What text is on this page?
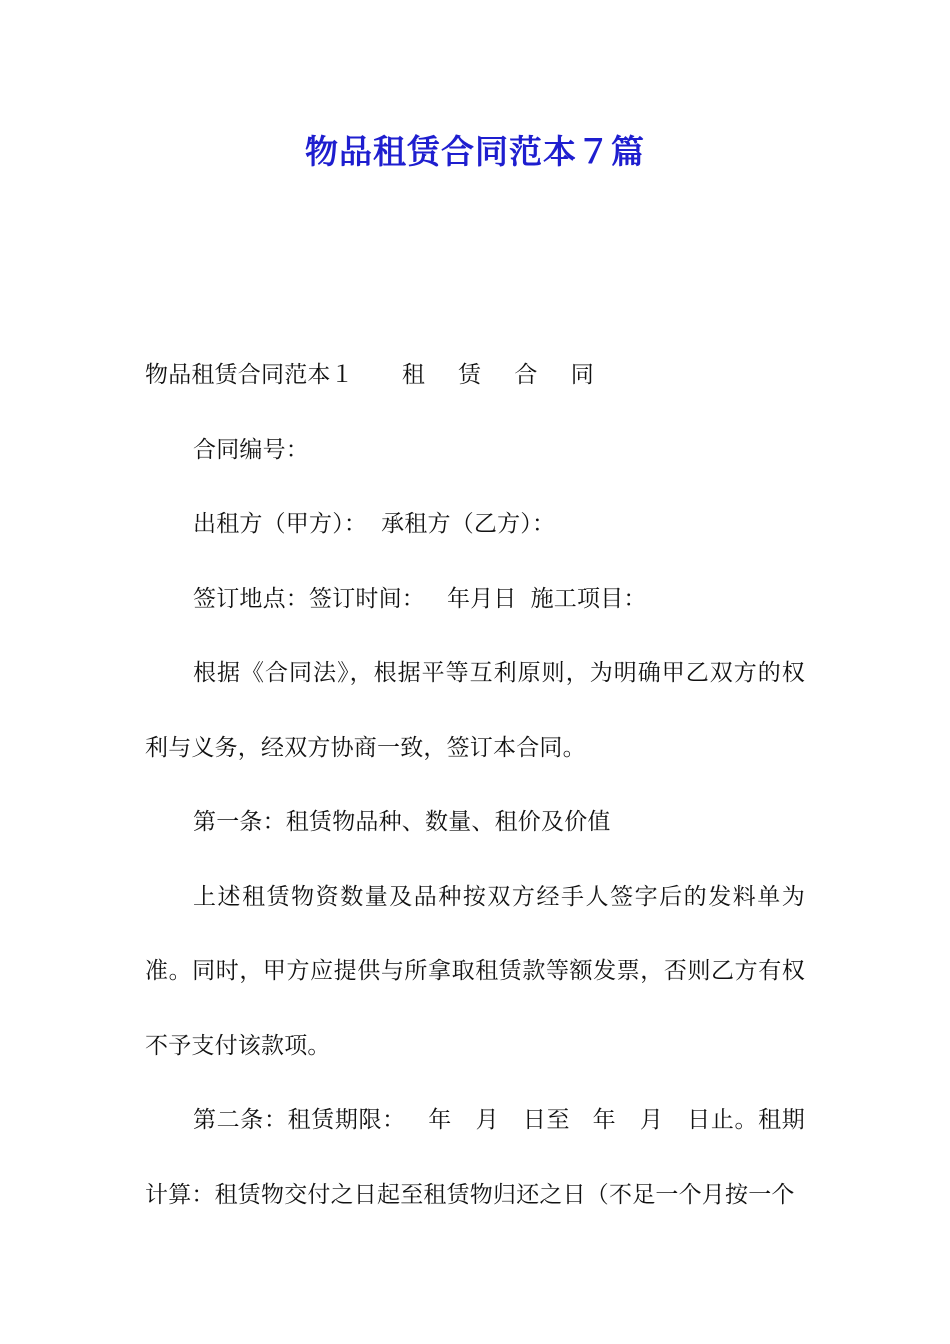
物品租赁合同范本７篇

物品租赁合同范本１ 租 赁 合 同

合同编号：

出租方（甲方）： 承租方（乙方）：

签订地点：签订时间： 年月日 施工项目：

根据《合同法》，根据平等互利原则，为明确甲乙双方的权利与义务，经双方协商一致，签订本合同。

第一条：租赁物品种、数量、租价及价值

上述租赁物资数量及品种按双方经手人签字后的发料单为准。同时，甲方应提供与所拿取租赁款等额发票，否则乙方有权不予支付该款项。

第二条：租赁期限： 年　月　日至 年　月　日止。租期计算：租赁物交付之日起至租赁物归还之日（不足一个月按一个
